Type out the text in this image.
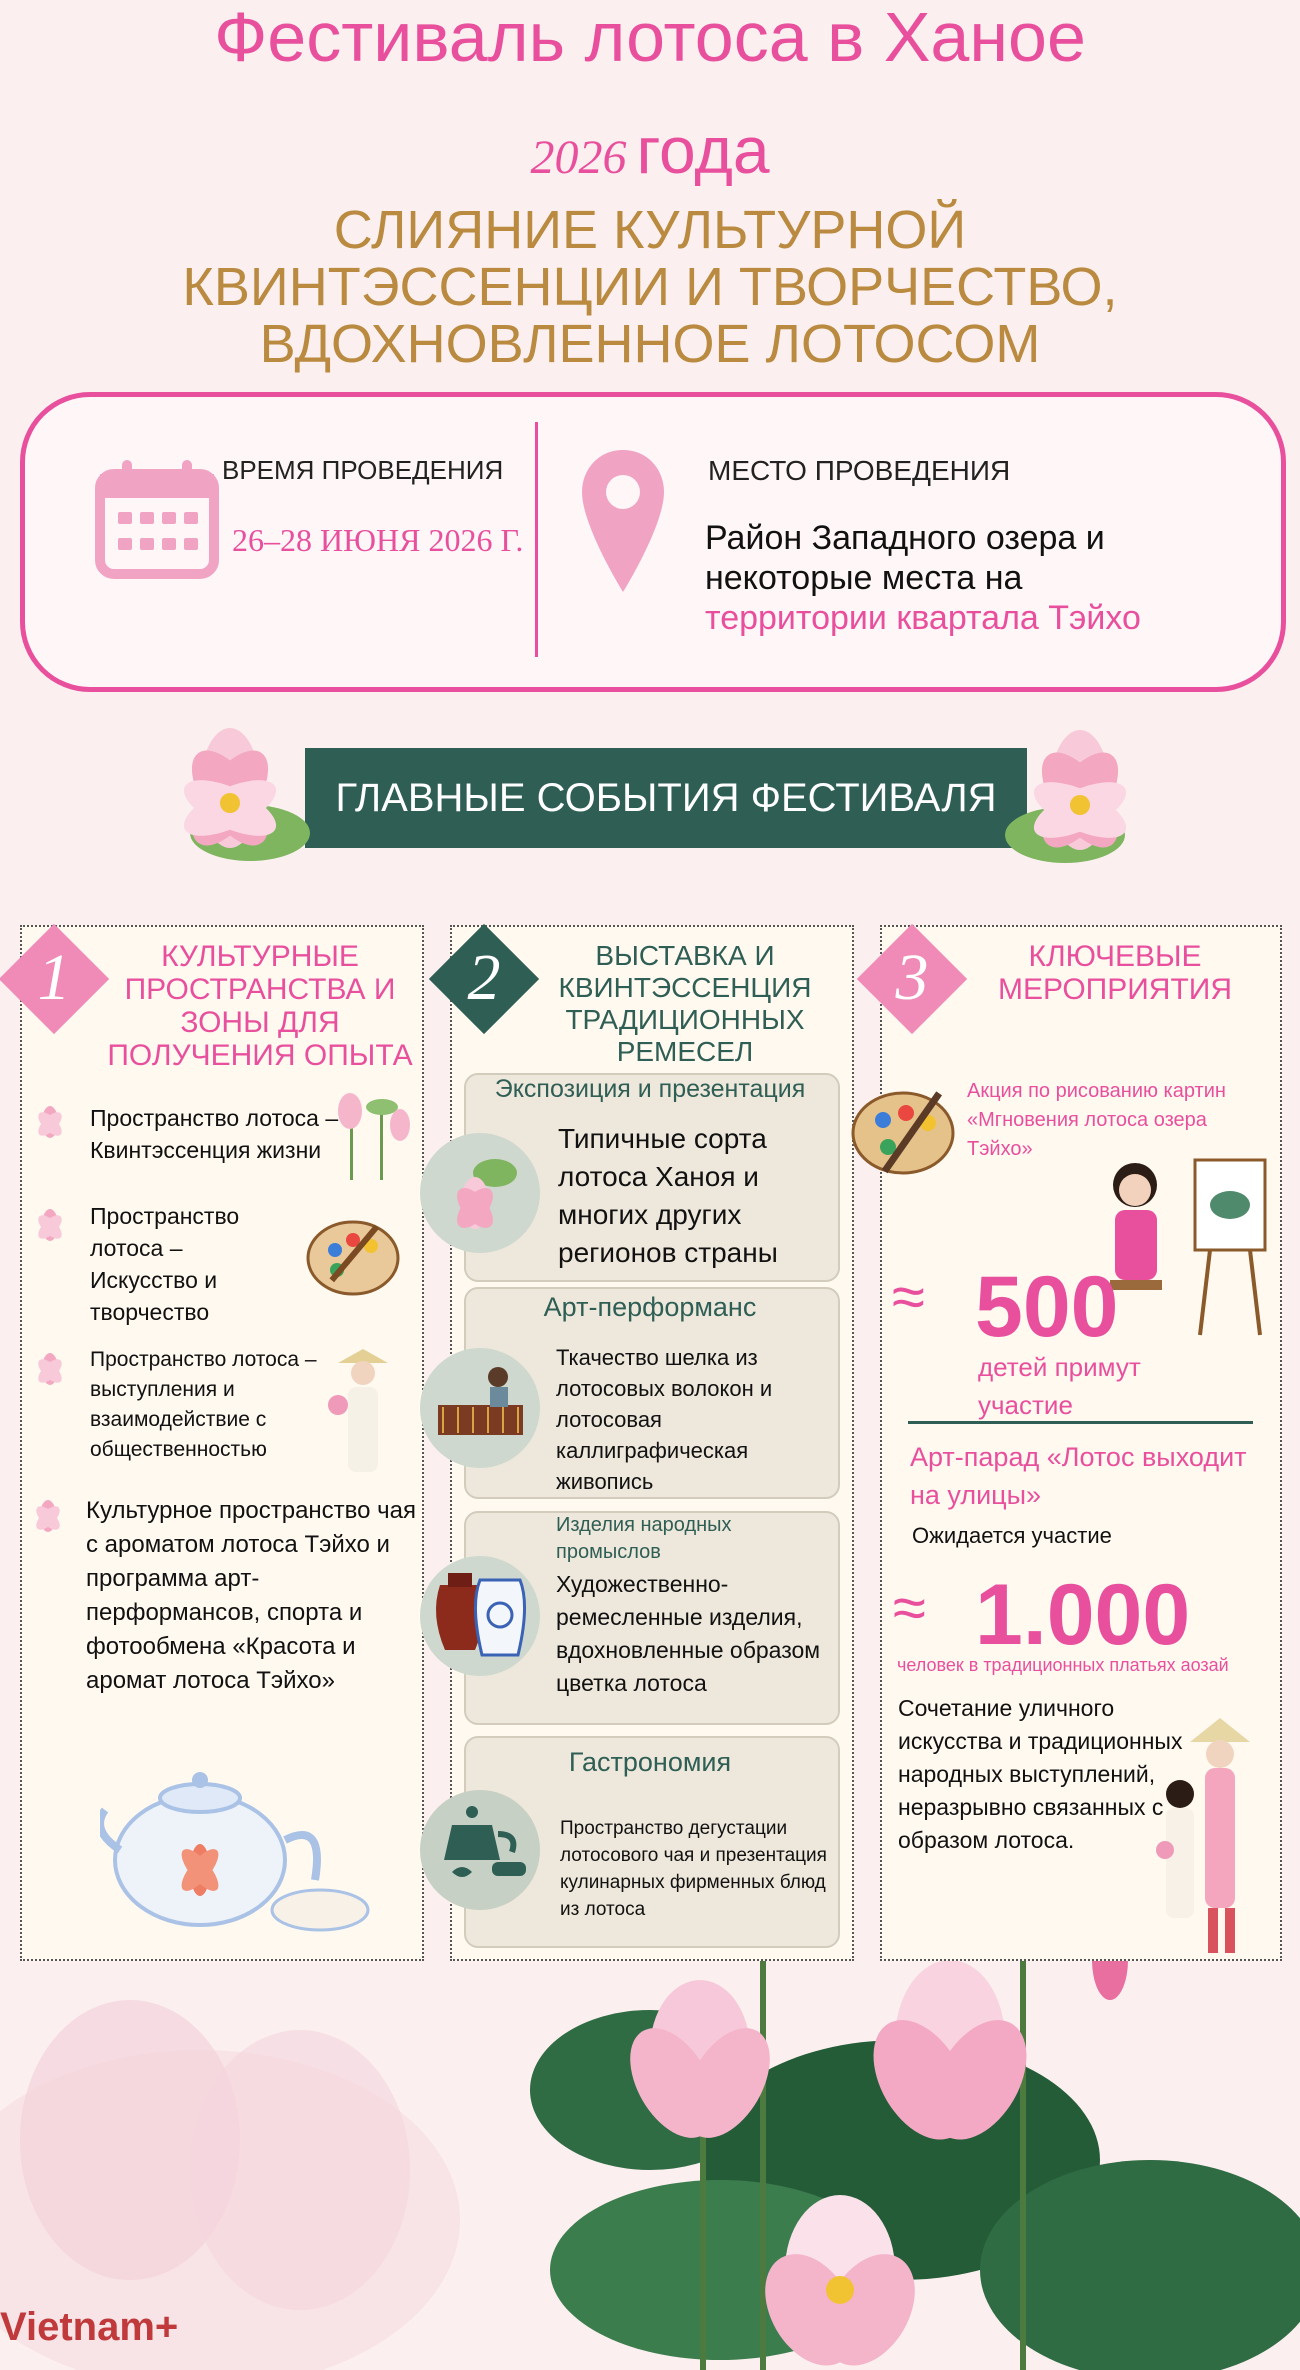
Фестиваль лотоса в Ханое
2026 года
СЛИЯНИЕ КУЛЬТУРНОЙ КВИНТЭССЕНЦИИ И ТВОРЧЕСТВО, ВДОХНОВЛЕННОЕ ЛОТОСОМ
ВРЕМЯ ПРОВЕДЕНИЯ
26–28 ИЮНЯ 2026 Г.
МЕСТО ПРОВЕДЕНИЯ
Район Западного озера и некоторые места на
территории квартала Тэйхо
ГЛАВНЫЕ СОБЫТИЯ ФЕСТИВАЛЯ
1	КУЛЬТУРНЫЕ ПРОСТРАНСТВА И ЗОНЫ ДЛЯ ПОЛУЧЕНИЯ ОПЫТА
Пространство лотоса – Квинтэссенция жизни
Пространство лотоса – Искусство и творчество
Пространство лотоса – выступления и взаимодействие с общественностью
Культурное пространство чая с ароматом лотоса Тэйхо и программа арт-перформансов, спорта и фотообмена «Красота и аромат лотоса Тэйхо»
2	ВЫСТАВКА И КВИНТЭССЕНЦИЯ ТРАДИЦИОННЫХ РЕМЕСЕЛ
Экспозиция и презентация
Типичные сорта лотоса Ханоя и многих других регионов страны
Арт-перформанс
Ткачество шелка из лотосовых волокон и лотосовая каллиграфическая живопись
Изделия народных промыслов
Художественно-ремесленные изделия, вдохновленные образом цветка лотоса
Гастрономия
Пространство дегустации лотосового чая и презентация кулинарных фирменных блюд из лотоса
3	КЛЮЧЕВЫЕ МЕРОПРИЯТИЯ
Акция по рисованию картин «Мгновения лотоса озера Тэйхо»
≈ 500
детей примут участие
Арт-парад «Лотос выходит на улицы»
Ожидается участие
≈ 1.000
человек в традиционных платьях аозай
Сочетание уличного искусства и традиционных народных выступлений, неразрывно связанных с образом лотоса.
Vietnam+
